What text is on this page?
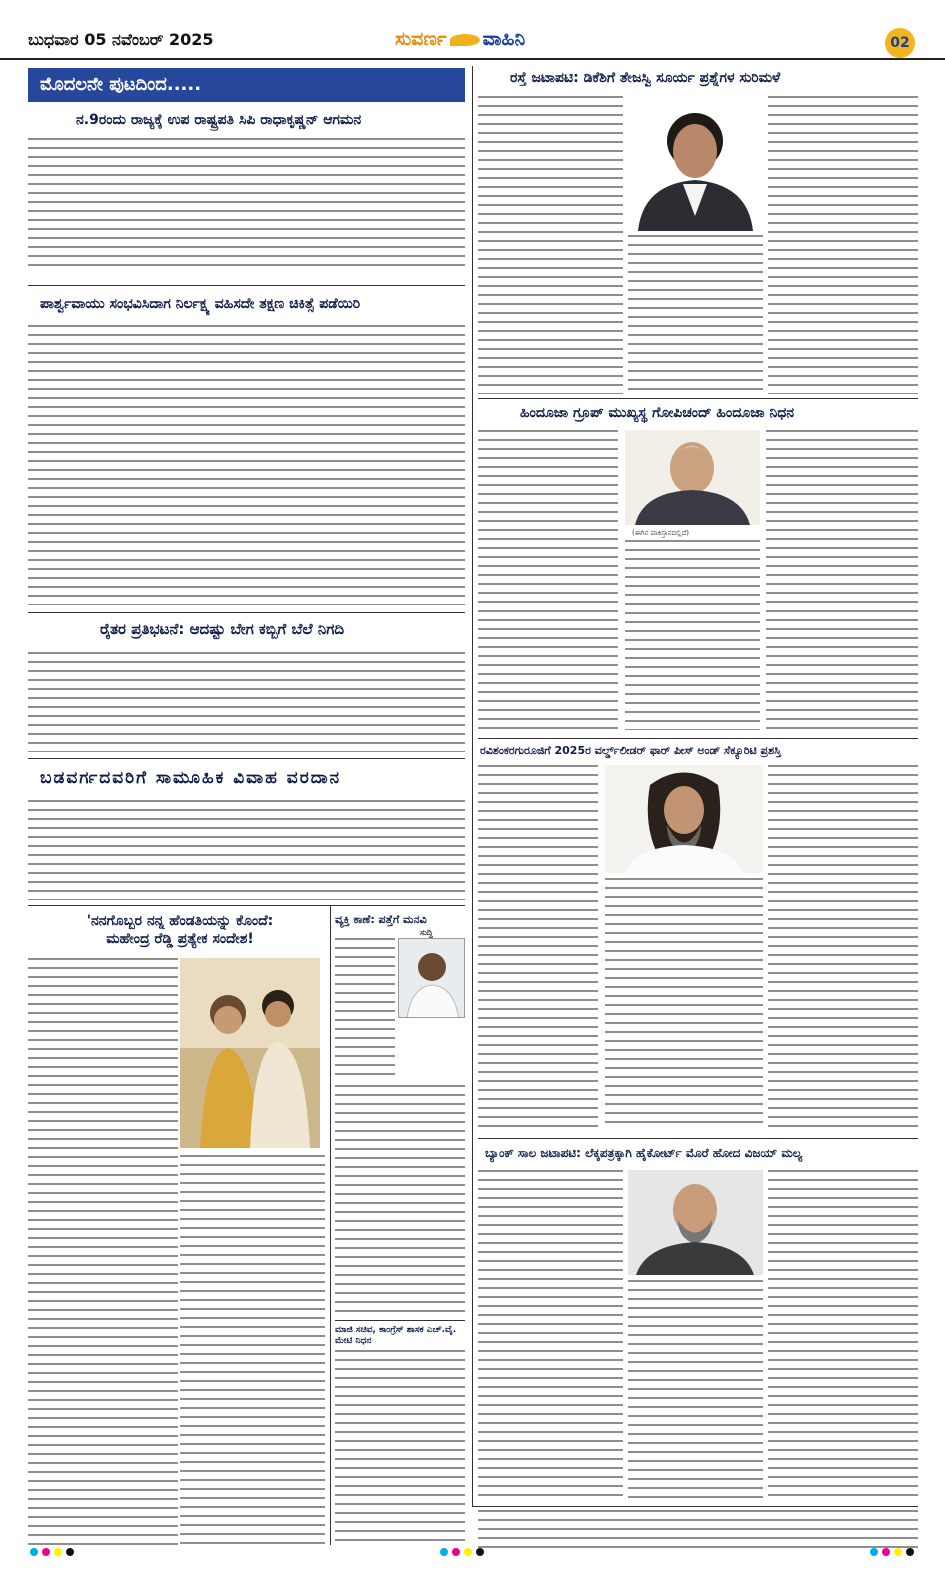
ಬುಧವಾರ 05 ನವೆಂಬರ್ 2025	ಸುವರ್ಣ ವಾಹಿನಿ	02
ಮೊದಲನೇ ಪುಟದಿಂದ.....
ನ.9ರಂದು ರಾಜ್ಯಕ್ಕೆ ಉಪ ರಾಷ್ಟ್ರಪತಿ ಸಿಪಿ ರಾಧಾಕೃಷ್ಣನ್ ಆಗಮನ
ಪಾರ್ಶ್ವವಾಯು ಸಂಭವಿಸಿದಾಗ ನಿರ್ಲಕ್ಷ್ಯ ವಹಿಸದೇ ತಕ್ಷಣ ಚಿಕಿತ್ಸೆ ಪಡೆಯಿರಿ
ರೈತರ ಪ್ರತಿಭಟನೆ: ಆದಷ್ಟು ಬೇಗ ಕಬ್ಬಿಗೆ ಬೆಲೆ ನಿಗದಿ
ಬಡವರ್ಗದವರಿಗೆ ಸಾಮೂಹಿಕ ವಿವಾಹ ವರದಾನ
'ನನಗೊಬ್ಬರ ನನ್ನ ಹೆಂಡತಿಯನ್ನು ಕೊಂದೆ:
ಮಹೇಂದ್ರ ರೆಡ್ಡಿ ಪ್ರತ್ಯೇಕ ಸಂದೇಶ!
ವ್ಯಕ್ತಿ ಕಾಣೆ: ಪತ್ತೆಗೆ ಮನವಿ
ಸುದ್ದಿ
ಮಾಜಿ ಸಚಿವ, ಕಾಂಗ್ರೆಸ್ ಶಾಸಕ ಎಚ್.ವೈ. ಮೇಟಿ ನಿಧನ
ರಸ್ತೆ ಜಟಾಪಟಿ: ಡಿಕೆಶಿಗೆ ತೇಜಸ್ವಿ ಸೂರ್ಯ ಪ್ರಶ್ನೆಗಳ ಸುರಿಮಳೆ
ಹಿಂದೂಜಾ ಗ್ರೂಪ್ ಮುಖ್ಯಸ್ಥ ಗೋಪಿಚಂದ್ ಹಿಂದೂಜಾ ನಿಧನ
(ಈಗಿನ ಪಾಕಿಸ್ತಾನದಲ್ಲಿದೆ)
ರವಿಶಂಕರಗುರೂಜಿಗೆ 2025ರ ವರ್ಲ್ಡ್‌ಲೀಡರ್ ಫಾರ್ ಪೀಸ್ ಅಂಡ್ ಸೆಕ್ಯೂರಿಟಿ ಪ್ರಶಸ್ತಿ
ಬ್ಯಾಂಕ್ ಸಾಲ ಜಟಾಪಟಿ: ಲೆಕ್ಕಪತ್ರಕ್ಕಾಗಿ ಹೈಕೋರ್ಟ್ ಮೊರೆ ಹೋದ ವಿಜಯ್ ಮಲ್ಯ
